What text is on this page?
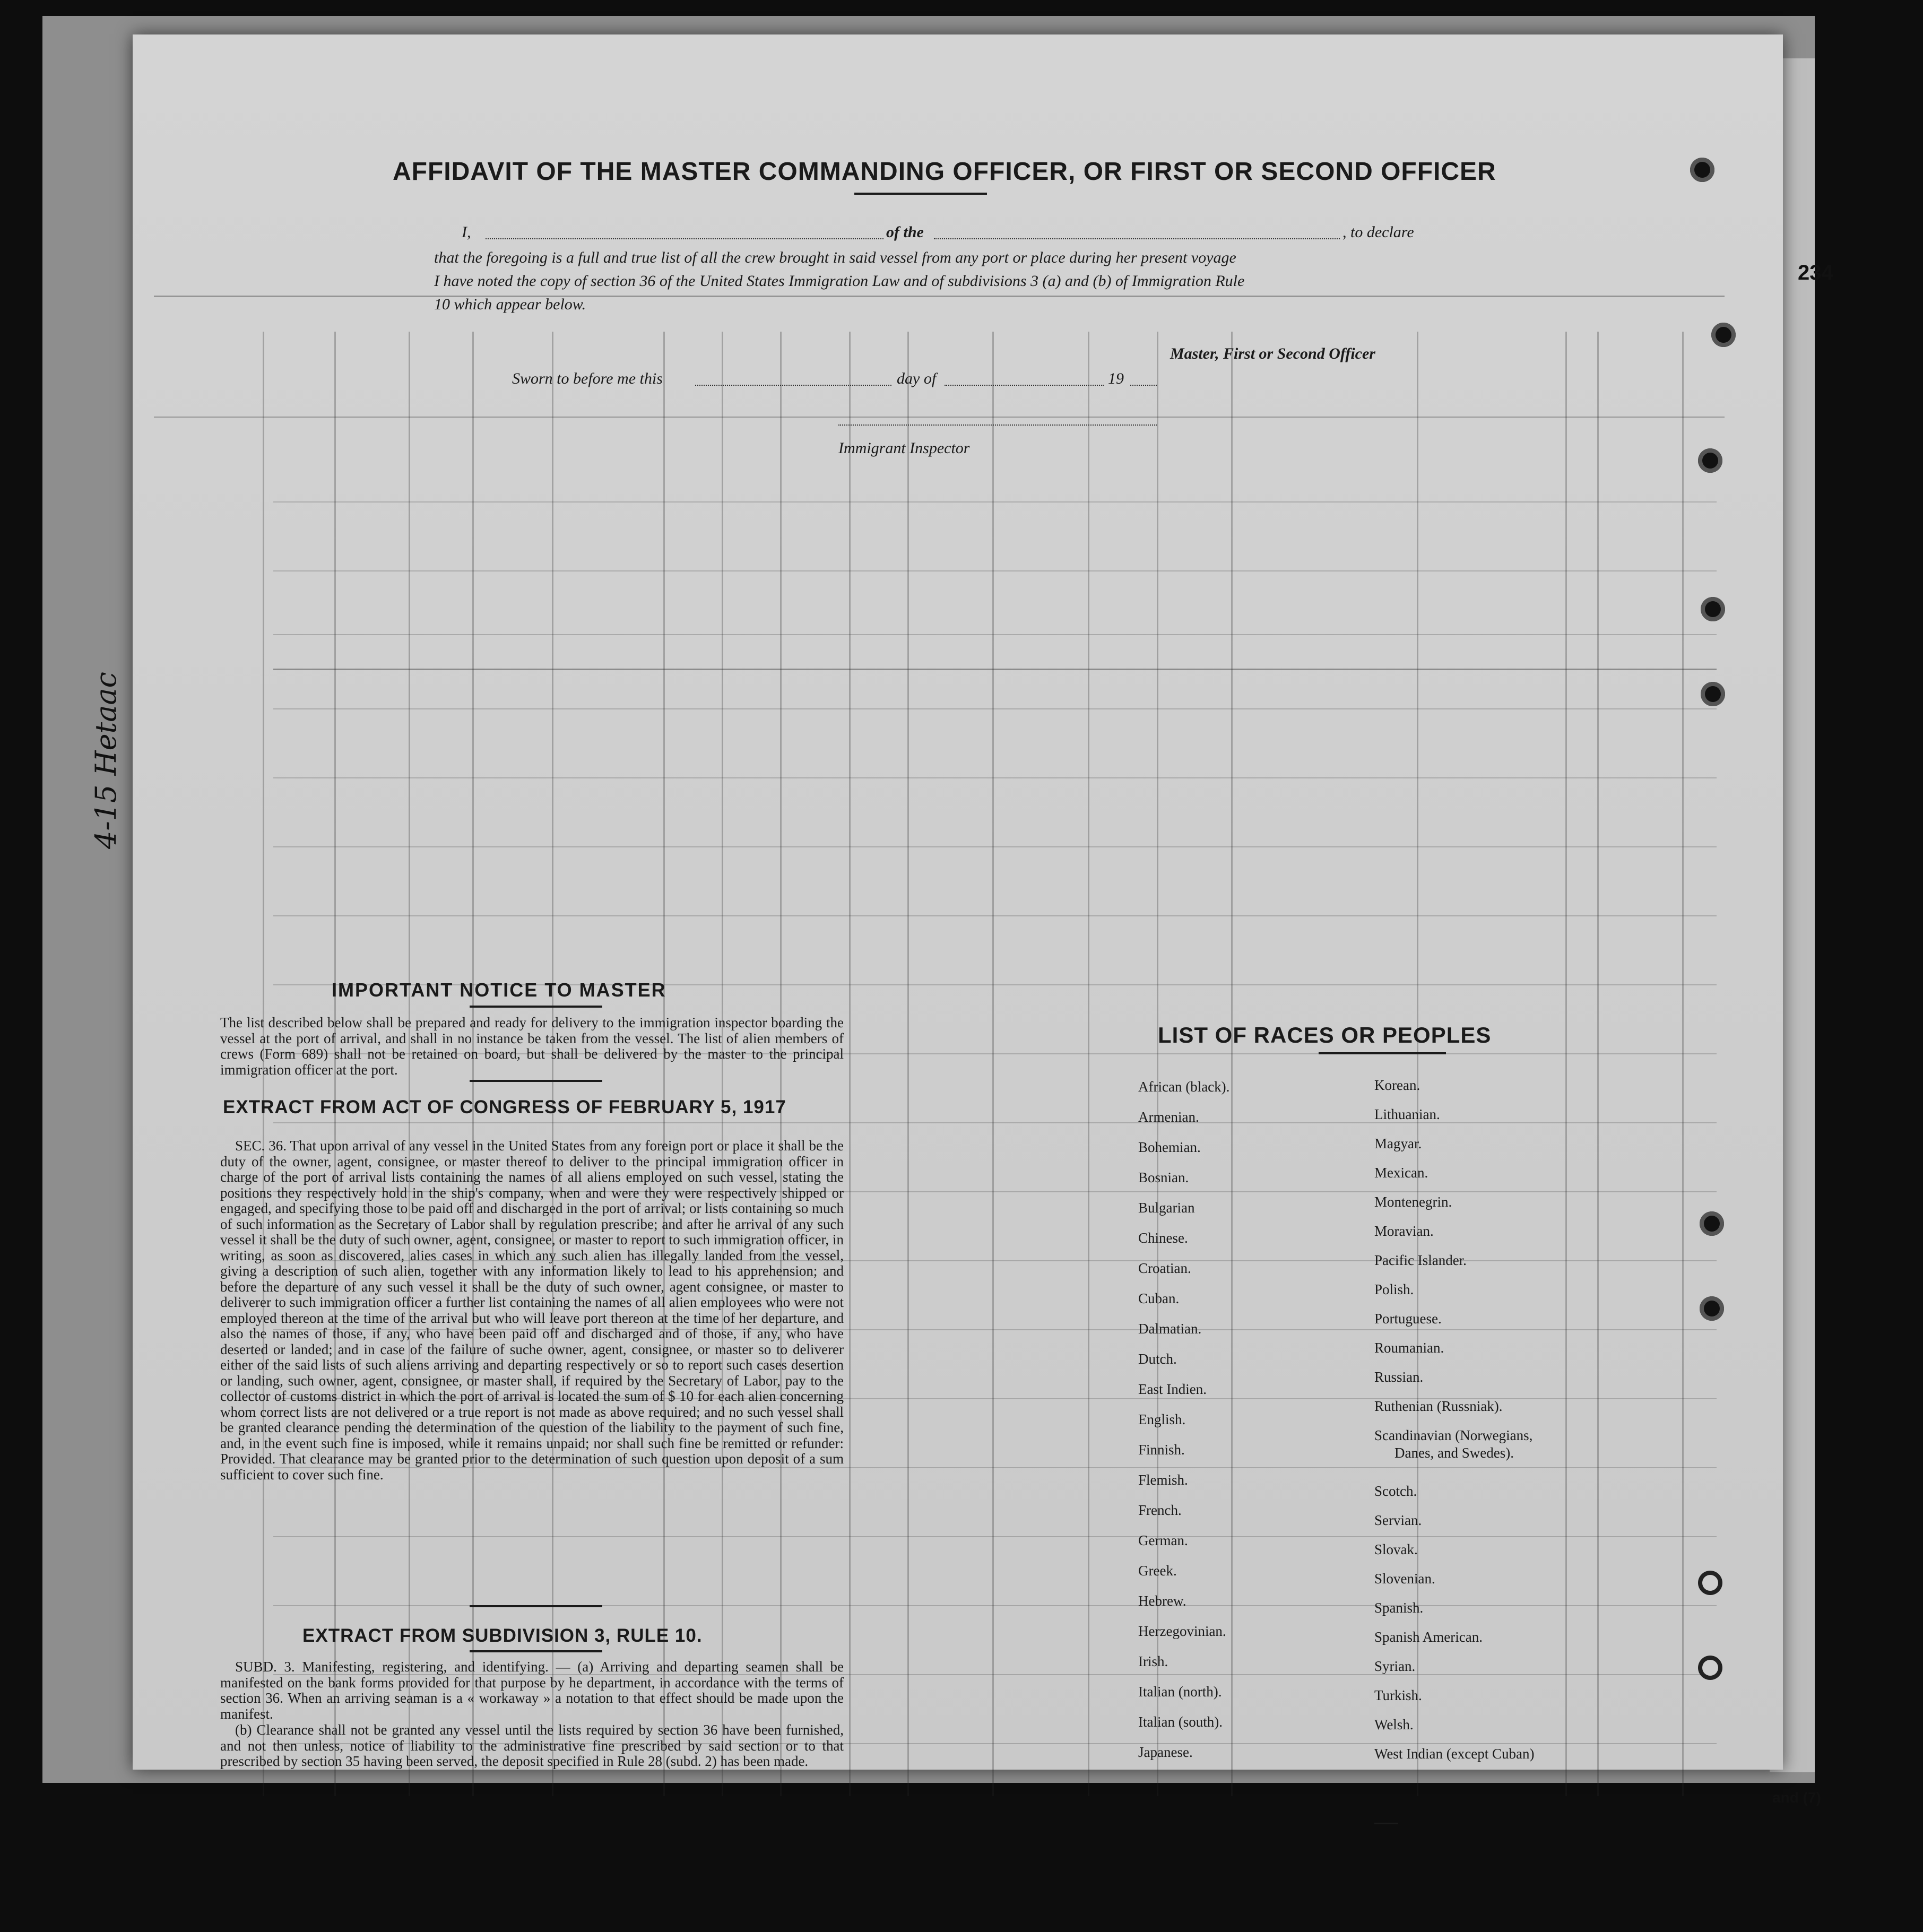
234
and (7)
4-15 Hetaac
AFFIDAVIT OF THE MASTER COMMANDING OFFICER, OR FIRST OR SECOND OFFICER
I,	of the	, to declare
that the foregoing is a full and true list of all the crew brought in said vessel from any port or place during her present voyage
I have noted the copy of section 36 of the United States Immigration Law and of subdivisions 3 (a) and (b) of Immigration Rule
10 which appear below.
Master, First or Second Officer
Sworn to before me this	day of	19
Immigrant Inspector
IMPORTANT NOTICE TO MASTER
The list described below shall be prepared and ready for delivery to the immigration inspector boarding the vessel at the port of arrival, and shall in no instance be taken from the vessel. The list of alien members of crews (Form 689) shall not be retained on board, but shall be delivered by the master to the principal immigration officer at the port.
EXTRACT FROM ACT OF CONGRESS OF FEBRUARY 5, 1917
SEC. 36. That upon arrival of any vessel in the United States from any foreign port or place it shall be the duty of the owner, agent, consignee, or master thereof to deliver to the principal immigration officer in charge of the port of arrival lists containing the names of all aliens employed on such vessel, stating the positions they respectively hold in the ship's company, when and were they were respectively shipped or engaged, and specifying those to be paid off and discharged in the port of arrival; or lists containing so much of such information as the Secretary of Labor shall by regulation prescribe; and after he arrival of any such vessel it shall be the duty of such owner, agent, consignee, or master to report to such immigration officer, in writing, as soon as discovered, alies cases in which any such alien has illegally landed from the vessel, giving a description of such alien, together with any information likely to lead to his apprehension; and before the departure of any such vessel it shall be the duty of such owner, agent consignee, or master to deliverer to such immigration officer a further list containing the names of all alien employees who were not employed thereon at the time of the arrival but who will leave port thereon at the time of her departure, and also the names of those, if any, who have been paid off and discharged and of those, if any, who have deserted or landed; and in case of the failure of suche owner, agent, consignee, or master so to deliverer either of the said lists of such aliens arriving and departing respectively or so to report such cases desertion or landing, such owner, agent, consignee, or master shall, if required by the Secretary of Labor, pay to the collector of customs district in which the port of arrival is located the sum of $ 10 for each alien concerning whom correct lists are not delivered or a true report is not made as above required; and no such vessel shall be granted clearance pending the determination of the question of the liability to the payment of such fine, and, in the event such fine is imposed, while it remains unpaid; nor shall such fine be remitted or refunder: Provided. That clearance may be granted prior to the determination of such question upon deposit of a sum sufficient to cover such fine.
EXTRACT FROM SUBDIVISION 3, RULE 10.
SUBD. 3. Manifesting, registering, and identifying. — (a) Arriving and departing seamen shall be manifested on the bank forms provided for that purpose by he department, in accordance with the terms of section 36. When an arriving seaman is a « workaway » a notation to that effect should be made upon the manifest.
(b) Clearance shall not be granted any vessel until the lists required by section 36 have been furnished, and not then unless, notice of liability to the administrative fine prescribed by said section or to that prescribed by section 35 having been served, the deposit specified in Rule 28 (subd. 2) has been made.
LIST OF RACES OR PEOPLES
African (black).
Armenian.
Bohemian.
Bosnian.
Bulgarian
Chinese.
Croatian.
Cuban.
Dalmatian.
Dutch.
East Indien.
English.
Finnish.
Flemish.
French.
German.
Greek.
Hebrew.
Herzegovinian.
Irish.
Italian (north).
Italian (south).
Japanese.
Korean.
Lithuanian.
Magyar.
Mexican.
Montenegrin.
Moravian.
Pacific Islander.
Polish.
Portuguese.
Roumanian.
Russian.
Ruthenian (Russniak).
Scandinavian (Norwegians,
Danes, and Swedes).
Scotch.
Servian.
Slovak.
Slovenian.
Spanish.
Spanish American.
Syrian.
Turkish.
Welsh.
West Indian (except Cuban)
